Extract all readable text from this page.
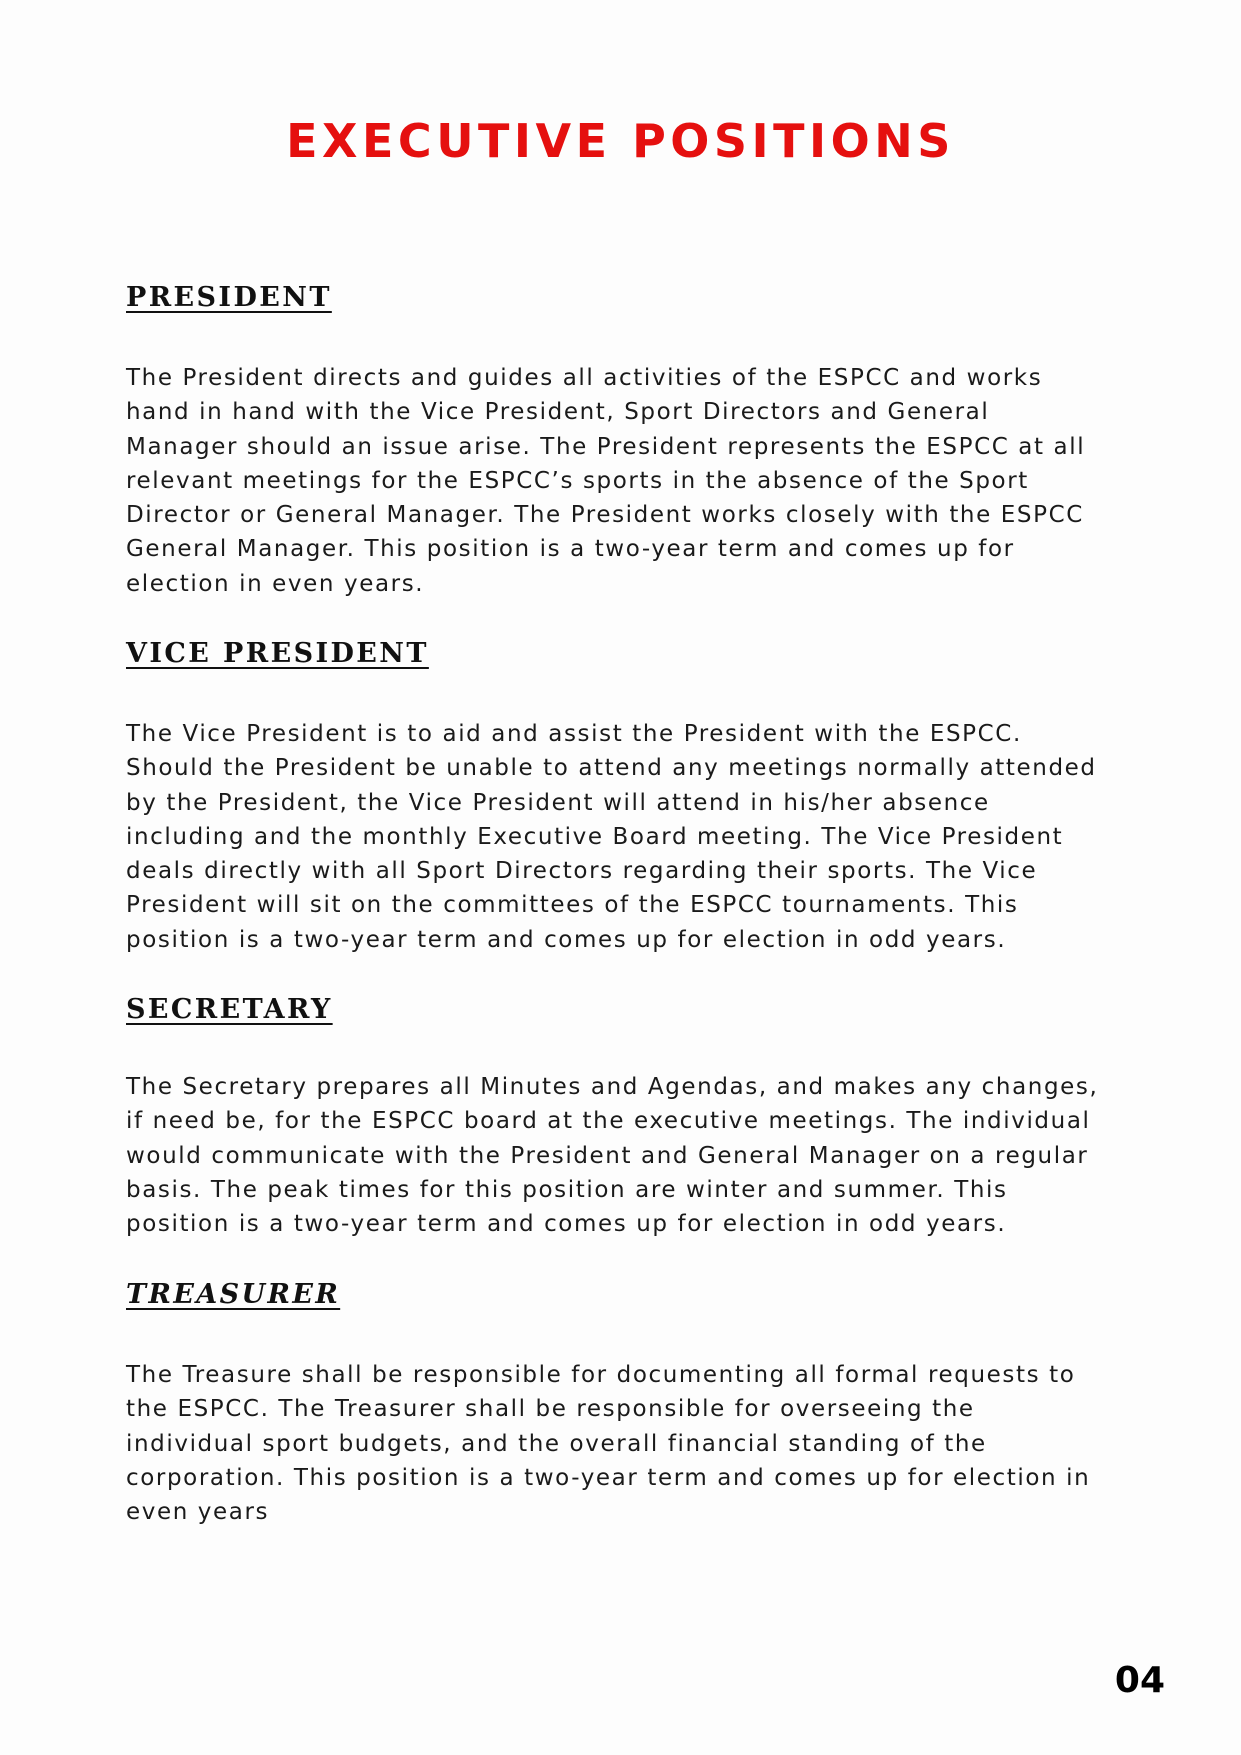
EXECUTIVE POSITIONS
PRESIDENT

The President directs and guides all activities of the ESPCC and works
hand in hand with the Vice President, Sport Directors and General
Manager should an issue arise. The President represents the ESPCC at all
relevant meetings for the ESPCC’s sports in the absence of the Sport
Director or General Manager. The President works closely with the ESPCC
General Manager. This position is a two-year term and comes up for
election in even years.

VICE PRESIDENT

The Vice President is to aid and assist the President with the ESPCC.
Should the President be unable to attend any meetings normally attended
by the President, the Vice President will attend in his/her absence
including and the monthly Executive Board meeting. The Vice President
deals directly with all Sport Directors regarding their sports. The Vice
President will sit on the committees of the ESPCC tournaments. This
position is a two-year term and comes up for election in odd years.

SECRETARY

The Secretary prepares all Minutes and Agendas, and makes any changes,
if need be, for the ESPCC board at the executive meetings. The individual
would communicate with the President and General Manager on a regular
basis. The peak times for this position are winter and summer. This
position is a two-year term and comes up for election in odd years.

TREASURER

The Treasure shall be responsible for documenting all formal requests to
the ESPCC. The Treasurer shall be responsible for overseeing the
individual sport budgets, and the overall financial standing of the
corporation. This position is a two-year term and comes up for election in
even years

04
